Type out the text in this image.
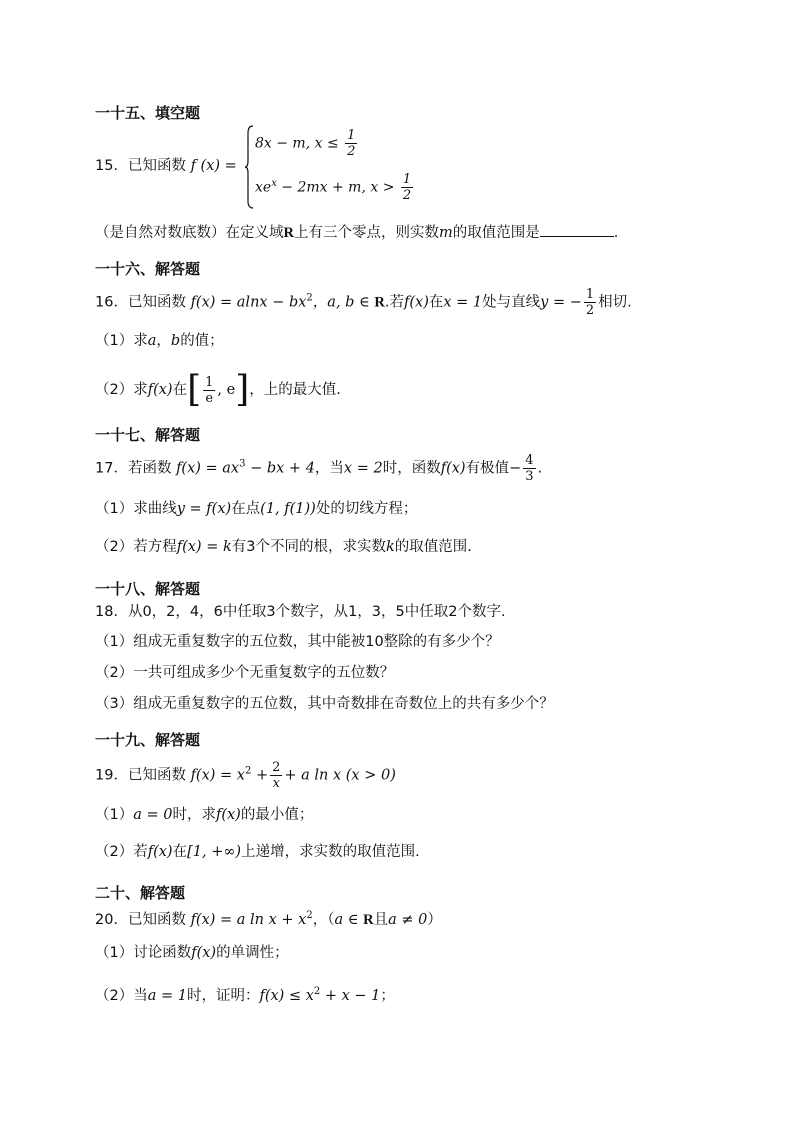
一十五、填空题
15．已知函数 f (x) =
8x − m, $x \le \frac{1}{2}$
$xe^x - 2mx + m$, $x > \frac{1}{2}$
（是自然对数底数）在定义域R上有三个零点，则实数m的取值范围是	.
一十六、解答题
16．已知函数 $f(x) = alnx - bx^2$，a, b ∈ R.若f(x)在x = 1处与直线y = − $\frac{1}{2}$ 相切.
（1）求a，b的值；
（2）求f(x)在[ $\frac{1}{e}$ , e]，上的最大值.
一十七、解答题
17．若函数 $f(x) = ax^3$ − bx + 4，当x = 2时，函数f(x)有极值− $\frac{4}{3}$ .
（1）求曲线y = f(x)在点(1, f(1))处的切线方程；
（2）若方程f(x) = k有3个不同的根，求实数k的取值范围.
一十八、解答题
18．从0，2，4，6中任取3个数字，从1，3，5中任取2个数字.
（1）组成无重复数字的五位数，其中能被10整除的有多少个？
（2）一共可组成多少个无重复数字的五位数？
（3）组成无重复数字的五位数，其中奇数排在奇数位上的共有多少个？
一十九、解答题
19．已知函数 $f(x) = x^2 + \frac{2}{x} + a$ ln x (x > 0)
（1）a = 0时，求f(x)的最小值；
（2）若f(x)在[1, +∞)上递增，求实数的取值范围.
二十、解答题
20．已知函数 f(x) = a $\ln x + x^2$，（a ∈ R且a ≠ 0）
（1）讨论函数f(x)的单调性；
（2）当a = 1时，证明：$f(x) \le x^2 + x - 1$；
